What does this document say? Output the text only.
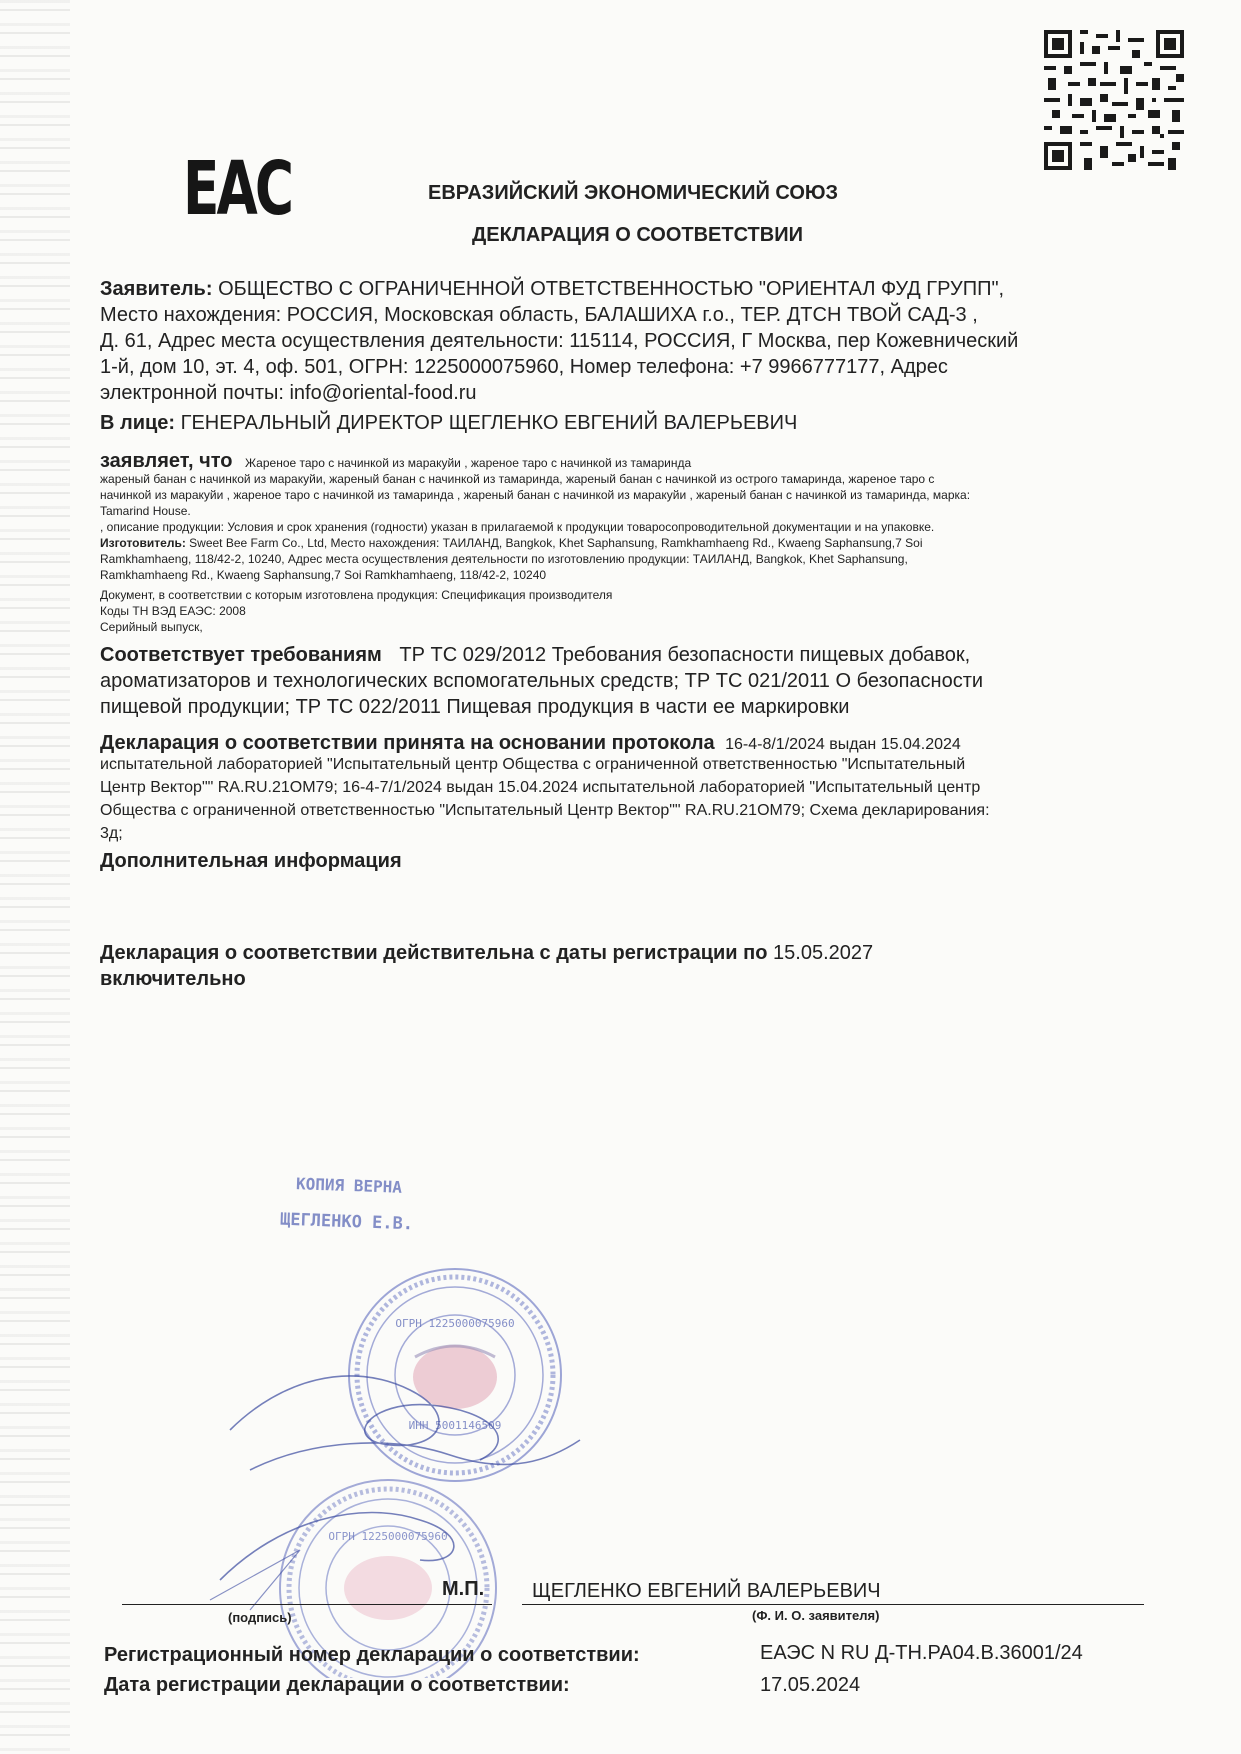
EAC	ЕВРАЗИЙСКИЙ ЭКОНОМИЧЕСКИЙ СОЮЗ
ДЕКЛАРАЦИЯ О СООТВЕТСТВИИ
Заявитель: ОБЩЕСТВО С ОГРАНИЧЕННОЙ ОТВЕТСТВЕННОСТЬЮ "ОРИЕНТАЛ ФУД ГРУПП",
Место нахождения: РОССИЯ, Московская область, БАЛАШИХА г.о., ТЕР. ДТСН ТВОЙ САД-3 ,
Д. 61, Адрес места осуществления деятельности: 115114, РОССИЯ, Г Москва, пер Кожевнический
1-й, дом 10, эт. 4, оф. 501, ОГРН: 1225000075960, Номер телефона: +7 9966777177, Адрес
электронной почты: info@oriental-food.ru
В лице: ГЕНЕРАЛЬНЫЙ ДИРЕКТОР ЩЕГЛЕНКО ЕВГЕНИЙ ВАЛЕРЬЕВИЧ
заявляет, что Жареное таро с начинкой из маракуйи , жареное таро с начинкой из тамаринда
жареный банан с начинкой из маракуйи, жареный банан с начинкой из тамаринда, жареный банан с начинкой из острого тамаринда, жареное таро с
начинкой из маракуйи , жареное таро с начинкой из тамаринда , жареный банан с начинкой из маракуйи , жареный банан с начинкой из тамаринда, марка:
Tamarind House.
, описание продукции: Условия и срок хранения (годности) указан в прилагаемой к продукции товаросопроводительной документации и на упаковке.
Изготовитель: Sweet Bee Farm Co., Ltd, Место нахождения: ТАИЛАНД, Bangkok, Khet Saphansung, Ramkhamhaeng Rd., Kwaeng Saphansung,7 Soi
Ramkhamhaeng, 118/42-2, 10240, Адрес места осуществления деятельности по изготовлению продукции: ТАИЛАНД, Bangkok, Khet Saphansung,
Ramkhamhaeng Rd., Kwaeng Saphansung,7 Soi Ramkhamhaeng, 118/42-2, 10240
Документ, в соответствии с которым изготовлена продукция: Спецификация производителя
Коды ТН ВЭД ЕАЭС: 2008
Серийный выпуск,
Соответствует требованиям ТР ТС 029/2012 Требования безопасности пищевых добавок,
ароматизаторов и технологических вспомогательных средств; ТР ТС 021/2011 О безопасности
пищевой продукции; ТР ТС 022/2011 Пищевая продукция в части ее маркировки
Декларация о соответствии принята на основании протокола 16-4-8/1/2024 выдан 15.04.2024
испытательной лабораторией "Испытательный центр Общества с ограниченной ответственностью "Испытательный
Центр Вектор"" RA.RU.21OM79; 16-4-7/1/2024 выдан 15.04.2024 испытательной лабораторией "Испытательный центр
Общества с ограниченной ответственностью "Испытательный Центр Вектор"" RA.RU.21OM79; Схема декларирования:
3д;
Дополнительная информация
Декларация о соответствии действительна с даты регистрации по 15.05.2027
включительно
КОПИЯ ВЕРНА
ЩЕГЛЕНКО Е.В.
ОГРН 1225000075960
ИНН 5001146509
ОГРН 1225000075960
М.П. ЩЕГЛЕНКО ЕВГЕНИЙ ВАЛЕРЬЕВИЧ
(подпись)	(Ф. И. О. заявителя)
Регистрационный номер декларации о соответствии:	ЕАЭС N RU Д-TH.PA04.B.36001/24
Дата регистрации декларации о соответствии:	17.05.2024
